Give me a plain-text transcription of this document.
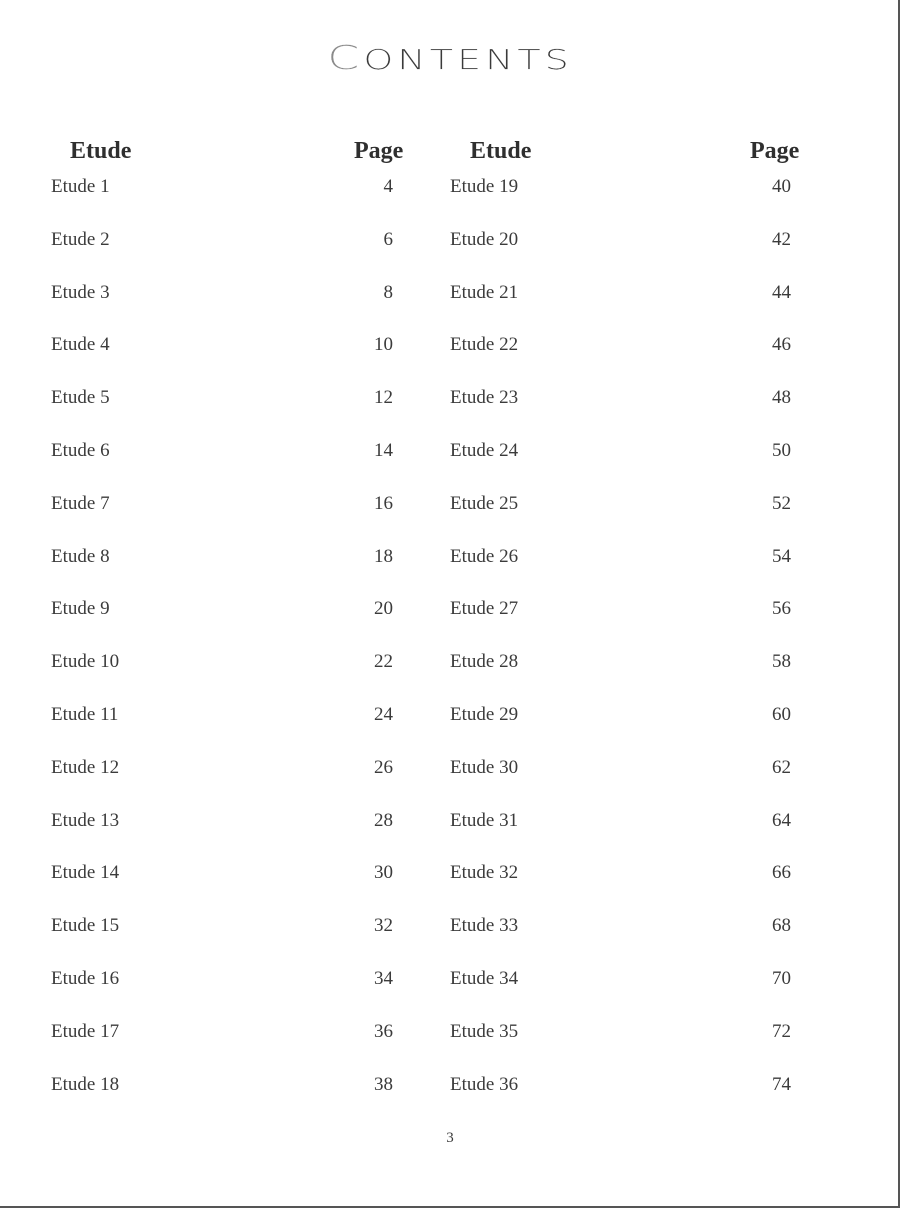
CONTENTS
Etude	Page
Etude 1	4
Etude 2	6
Etude 3	8
Etude 4	10
Etude 5	12
Etude 6	14
Etude 7	16
Etude 8	18
Etude 9	20
Etude 10	22
Etude 11	24
Etude 12	26
Etude 13	28
Etude 14	30
Etude 15	32
Etude 16	34
Etude 17	36
Etude 18	38
Etude	Page
Etude 19	40
Etude 20	42
Etude 21	44
Etude 22	46
Etude 23	48
Etude 24	50
Etude 25	52
Etude 26	54
Etude 27	56
Etude 28	58
Etude 29	60
Etude 30	62
Etude 31	64
Etude 32	66
Etude 33	68
Etude 34	70
Etude 35	72
Etude 36	74
3
